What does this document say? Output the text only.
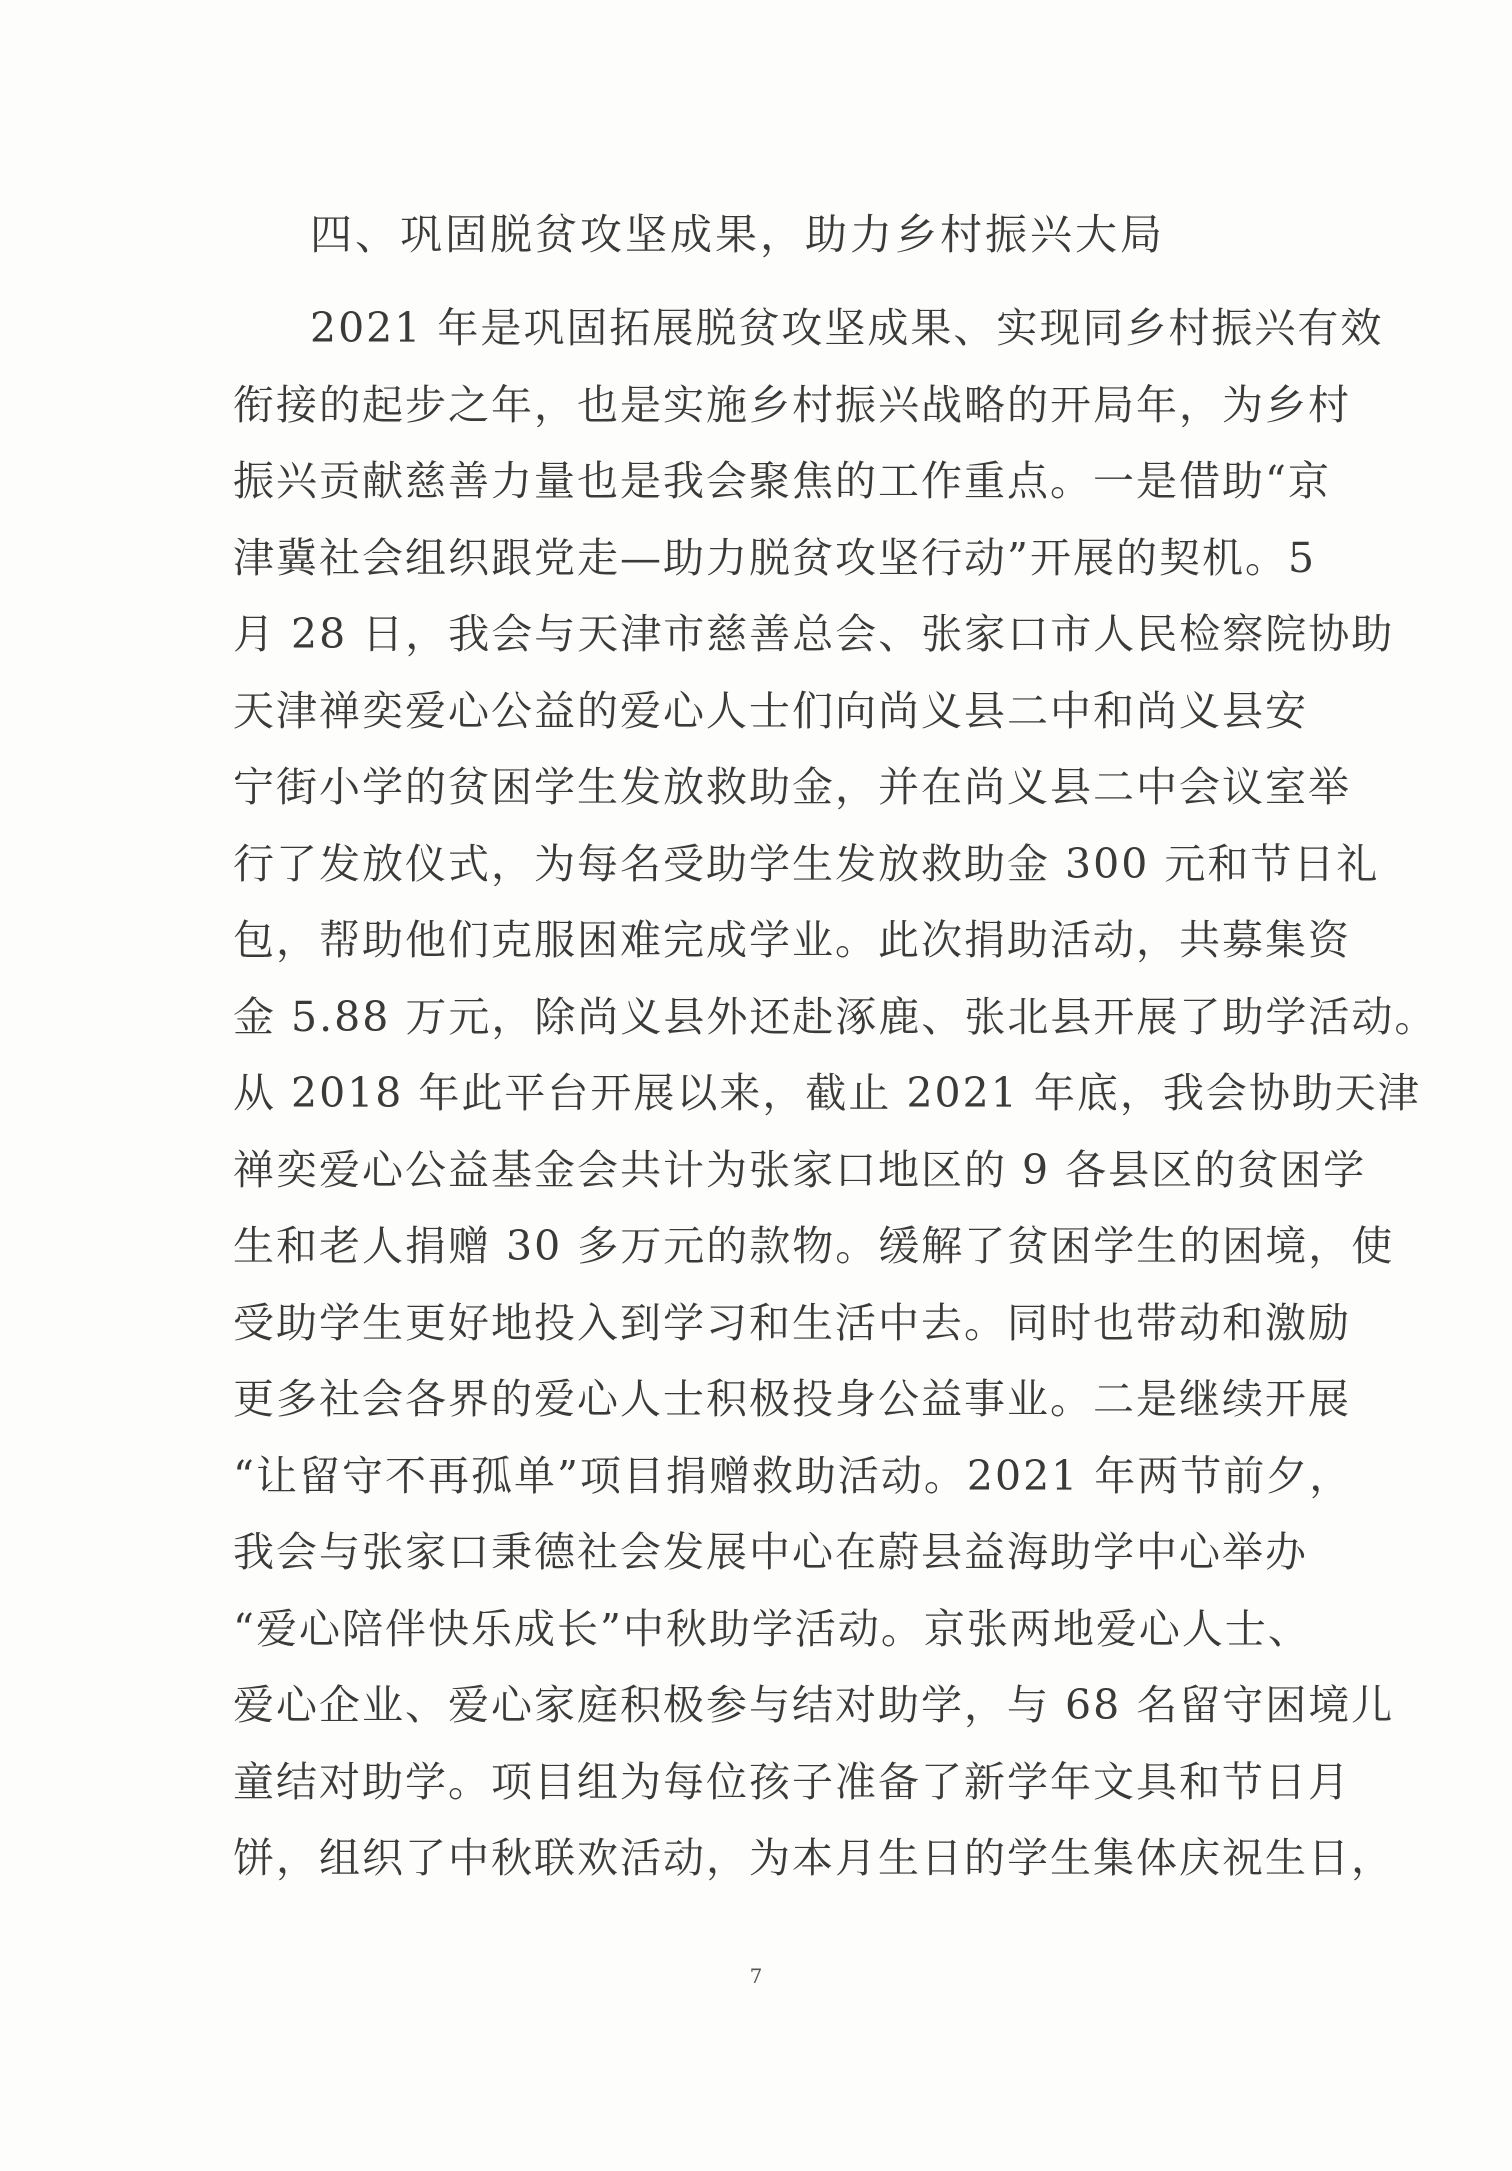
四、巩固脱贫攻坚成果，助力乡村振兴大局
2021 年是巩固拓展脱贫攻坚成果、实现同乡村振兴有效
衔接的起步之年，也是实施乡村振兴战略的开局年，为乡村
振兴贡献慈善力量也是我会聚焦的工作重点。一是借助“京
津冀社会组织跟党走—助力脱贫攻坚行动”开展的契机。5
月 28 日，我会与天津市慈善总会、张家口市人民检察院协助
天津禅奕爱心公益的爱心人士们向尚义县二中和尚义县安
宁街小学的贫困学生发放救助金，并在尚义县二中会议室举
行了发放仪式，为每名受助学生发放救助金 300 元和节日礼
包，帮助他们克服困难完成学业。此次捐助活动，共募集资
金 5.88 万元，除尚义县外还赴涿鹿、张北县开展了助学活动。
从 2018 年此平台开展以来，截止 2021 年底，我会协助天津
禅奕爱心公益基金会共计为张家口地区的 9 各县区的贫困学
生和老人捐赠 30 多万元的款物。缓解了贫困学生的困境，使
受助学生更好地投入到学习和生活中去。同时也带动和激励
更多社会各界的爱心人士积极投身公益事业。二是继续开展
“让留守不再孤单”项目捐赠救助活动。2021 年两节前夕，
我会与张家口秉德社会发展中心在蔚县益海助学中心举办
“爱心陪伴快乐成长”中秋助学活动。京张两地爱心人士、
爱心企业、爱心家庭积极参与结对助学，与 68 名留守困境儿
童结对助学。项目组为每位孩子准备了新学年文具和节日月
饼，组织了中秋联欢活动，为本月生日的学生集体庆祝生日，
7
